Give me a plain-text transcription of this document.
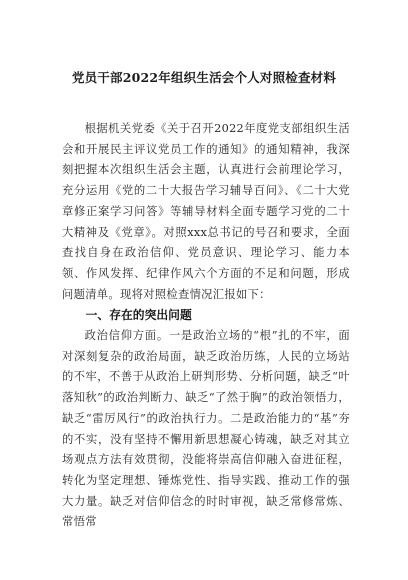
党员干部2022年组织生活会个人对照检查材料

根据机关党委《关于召开2022年度党支部组织生活会和开展民主评议党员工作的通知》的通知精神，我深刻把握本次组织生活会主题，认真进行会前理论学习，充分运用《党的二十大报告学习辅导百问》、《二十大党章修正案学习问答》等辅导材料全面专题学习党的二十大精神及《党章》。对照xxx总书记的号召和要求，全面查找自身在政治信仰、党员意识、理论学习、能力本领、作风发挥、纪律作风六个方面的不足和问题，形成问题清单。现将对照检查情况汇报如下：

一、存在的突出问题

政治信仰方面。一是政治立场的“根”扎的不牢，面对深刻复杂的政治局面，缺乏政治历练，人民的立场站的不牢，不善于从政治上研判形势、分析问题，缺乏“叶落知秋”的政治判断力、缺乏“了然于胸”的政治领悟力，缺乏“雷厉风行”的政治执行力。二是政治能力的“基”夯的不实，没有坚持不懈用新思想凝心铸魂，缺乏对其立场观点方法有效贯彻，没能将崇高信仰融入奋进征程，转化为坚定理想、锤炼党性、指导实践、推动工作的强大力量。缺乏对信仰信念的时时审视，缺乏常修常炼、常悟常
